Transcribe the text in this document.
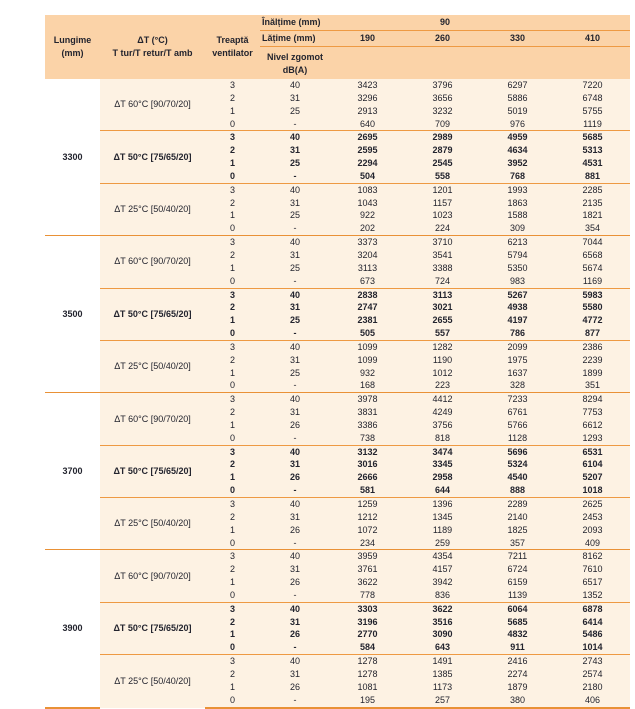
Lungime
(mm)

ΔT (°C)
T tur/T retur/T amb

Treaptă
ventilator

Înălțime (mm)	90
			Lățime (mm)	190	260	330	410

			Nivel zgomot
dB(A)				

3300	ΔT 60°C [90/70/20]	3	40	3423	3796	6297	7220
		2	31	3296	3656	5886	6748
		1	25	2913	3232	5019	5755
		0	-	640	709	976	1119
	ΔT 50°C [75/65/20]	3	40	2695	2989	4959	5685
		2	31	2595	2879	4634	5313
		1	25	2294	2545	3952	4531
		0	-	504	558	768	881
	ΔT 25°C [50/40/20]	3	40	1083	1201	1993	2285
		2	31	1043	1157	1863	2135
		1	25	922	1023	1588	1821
		0	-	202	224	309	354
3500	ΔT 60°C [90/70/20]	3	40	3373	3710	6213	7044
		2	31	3204	3541	5794	6568
		1	25	3113	3388	5350	5674
		0	-	673	724	983	1169
	ΔT 50°C [75/65/20]	3	40	2838	3113	5267	5983
		2	31	2747	3021	4938	5580
		1	25	2381	2655	4197	4772
		0	-	505	557	786	877
	ΔT 25°C [50/40/20]	3	40	1099	1282	2099	2386
		2	31	1099	1190	1975	2239
		1	25	932	1012	1637	1899
		0	-	168	223	328	351
3700	ΔT 60°C [90/70/20]	3	40	3978	4412	7233	8294
		2	31	3831	4249	6761	7753
		1	26	3386	3756	5766	6612
		0	-	738	818	1128	1293
	ΔT 50°C [75/65/20]	3	40	3132	3474	5696	6531
		2	31	3016	3345	5324	6104
		1	26	2666	2958	4540	5207
		0	-	581	644	888	1018
	ΔT 25°C [50/40/20]	3	40	1259	1396	2289	2625
		2	31	1212	1345	2140	2453
		1	26	1072	1189	1825	2093
		0	-	234	259	357	409
3900	ΔT 60°C [90/70/20]	3	40	3959	4354	7211	8162
		2	31	3761	4157	6724	7610
		1	26	3622	3942	6159	6517
		0	-	778	836	1139	1352
	ΔT 50°C [75/65/20]	3	40	3303	3622	6064	6878
		2	31	3196	3516	5685	6414
		1	26	2770	3090	4832	5486
		0	-	584	643	911	1014
	ΔT 25°C [50/40/20]	3	40	1278	1491	2416	2743
		2	31	1278	1385	2274	2574
		1	26	1081	1173	1879	2180
		0	-	195	257	380	406
